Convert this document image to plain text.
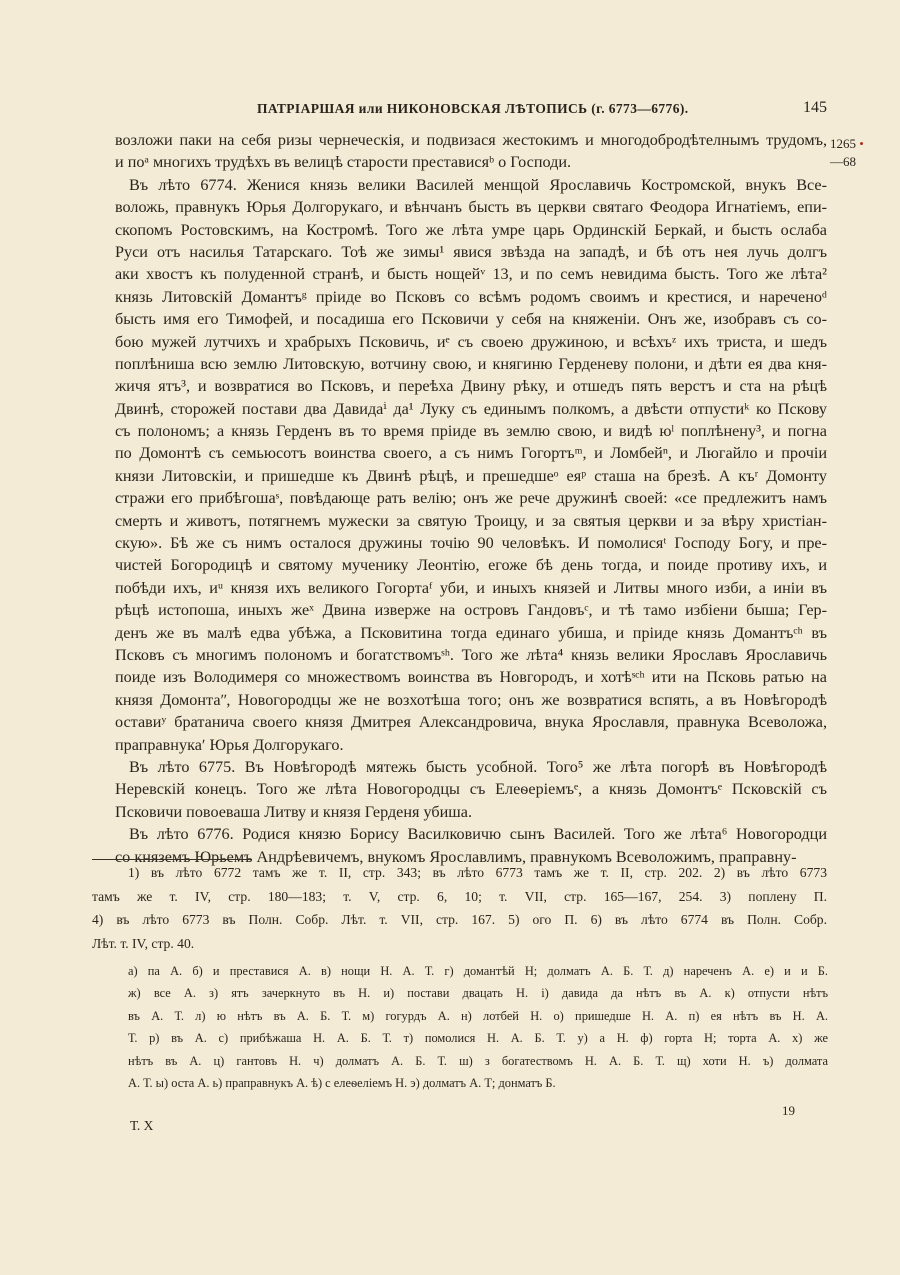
ПАТРІАРШАЯ или НИКОНОВСКАЯ ЛѢТОПИСЬ (г. 6773—6776).	145
1265 •
—68
возложи паки на себя ризы чернеческія, и подвизася жестокимъ и многодобродѣтелнымъ трудомъ,
и поᵃ многихъ трудѣхъ въ велицѣ старости престависяᵇ о Господи.
Въ лѣто 6774. Женися князь велики Василей менщой Ярославичь Костромской, внукъ Все-
воложь, правнукъ Юрья Долгорукаго, и вѣнчанъ бысть въ церкви святаго Феодора Игнатіемъ, епи-
скопомъ Ростовскимъ, на Костромѣ. Того же лѣта умре царь Ординскій Беркай, и бысть ослаба
Руси отъ насилья Татарскаго. Тоѣ же зимы¹ явися звѣзда на западѣ, и бѣ отъ нея лучь долгъ
аки хвостъ къ полуденной странѣ, и бысть нощейᵛ 13, и по семъ невидима бысть. Того же лѣта²
князь Литовскій Домантъᵍ пріиде во Псковъ со всѣмъ родомъ своимъ и крестися, и нареченоᵈ
бысть имя его Тимофей, и посадиша его Псковичи у себя на княженіи. Онъ же, изобравъ съ со-
бою мужей лутчихъ и храбрыхъ Псковичь, иᵉ съ своею дружиною, и всѣхъᶻ ихъ триста, и шедъ
поплѣниша всю землю Литовскую, вотчину свою, и княгиню Герденеву полони, и дѣти ея два кня-
жичя ятъ³, и возвратися во Псковъ, и переѣха Двину рѣку, и отшедъ пять верстъ и ста на рѣцѣ
Двинѣ, сторожей постави два Давидаⁱ да¹ Луку съ единымъ полкомъ, а двѣсти отпустиᵏ ко Пскову
съ полономъ; а князь Герденъ въ то время пріиде въ землю свою, и видѣ юˡ поплѣнену³, и погна
по Домонтѣ съ семьюсотъ воинства своего, а съ нимъ Гогортъᵐ, и Ломбейⁿ, и Люгайло и прочіи
князи Литовскіи, и пришедше къ Двинѣ рѣцѣ, и прешедшеᵒ еяᵖ сташа на брезѣ. А къʳ Домонту
стражи его прибѣгошаˢ, повѣдающе рать велію; онъ же рече дружинѣ своей: «се предлежитъ намъ
смерть и животъ, потягнемъ мужески за святую Троицу, и за святыя церкви и за вѣру христіан-
скую». Бѣ же съ нимъ осталося дружины точію 90 человѣкъ. И помолисяᵗ Господу Богу, и пре-
чистей Богородицѣ и святому мученику Леонтію, егоже бѣ день тогда, и поиде противу ихъ, и
побѣди ихъ, иᵘ князя ихъ великого Гогортаᶠ уби, и иныхъ князей и Литвы много изби, а иніи въ
рѣцѣ истопоша, иныхъ жеˣ Двина изверже на островъ Гандовъᶜ, и тѣ тамо избіени быша; Гер-
денъ же въ малѣ едва убѣжа, а Псковитина тогда единаго убиша, и пріиде князь Домантъᶜʰ въ
Псковъ съ многимъ полономъ и богатствомъˢʰ. Того же лѣта⁴ князь велики Ярославъ Ярославичь
поиде изъ Володимеря со множествомъ воинства въ Новгородъ, и хотѣˢᶜʰ ити на Псковь ратью на
князя Домонтаʺ, Новогородцы же не возхотѣша того; онъ же возвратися вспять, а въ Новѣгородѣ
оставиʸ братанича своего князя Дмитрея Александровича, внука Ярославля, правнука Всеволожа,
праправнукаʹ Юрья Долгорукаго.
Въ лѣто 6775. Въ Новѣгородѣ мятежь бысть усобной. Того⁵ же лѣта погорѣ въ Новѣгородѣ
Неревскій конецъ. Того же лѣта Новогородцы съ Елеѳеріемъᵉ, а князь Домонтъᵉ Псковскій съ
Псковичи повоеваша Литву и князя Герденя убиша.
Въ лѣто 6776. Родися князю Борису Василковичю сынъ Василей. Того же лѣта⁶ Новогородци
со княземъ Юрьемъ Андрѣевичемъ, внукомъ Ярославлимъ, правнукомъ Всеволожимъ, праправну-
1) въ лѣто 6772 тамъ же т. II, стр. 343; въ лѣто 6773 тамъ же т. II, стр. 202. 2) въ лѣто 6773
тамъ же т. IV, стр. 180—183; т. V, стр. 6, 10; т. VII, стр. 165—167, 254. 3) поплену П.
4) въ лѣто 6773 въ Полн. Собр. Лѣт. т. VII, стр. 167. 5) ого П. 6) въ лѣто 6774 въ Полн. Собр.
Лѣт. т. IV, стр. 40.
а) па А. б) и преставися А. в) нощи Н. А. Т. г) домантѣй Н; долматъ А. Б. Т. д) нареченъ А. е) и и Б.
ж) все А. з) ятъ зачеркнуто въ Н. и) постави двацать Н. і) давида да нѣтъ въ А. к) отпусти нѣтъ
въ А. Т. л) ю нѣтъ въ А. Б. Т. м) гогурдъ А. н) лотбей Н. о) пришедше Н. А. п) ея нѣтъ въ Н. А.
Т. р) въ А. с) прибѣжаша Н. А. Б. Т. т) помолися Н. А. Б. Т. у) а Н. ф) горта Н; торта А. х) же
нѣтъ въ А. ц) гантовъ Н. ч) долматъ А. Б. Т. ш) з богатествомъ Н. А. Б. Т. щ) хоти Н. ъ) долмата
А. Т. ы) оста А. ь) праправнукъ А. ѣ) с елеѳеліемъ Н. э) долматъ А. Т; донматъ Б.
Т. X
19
